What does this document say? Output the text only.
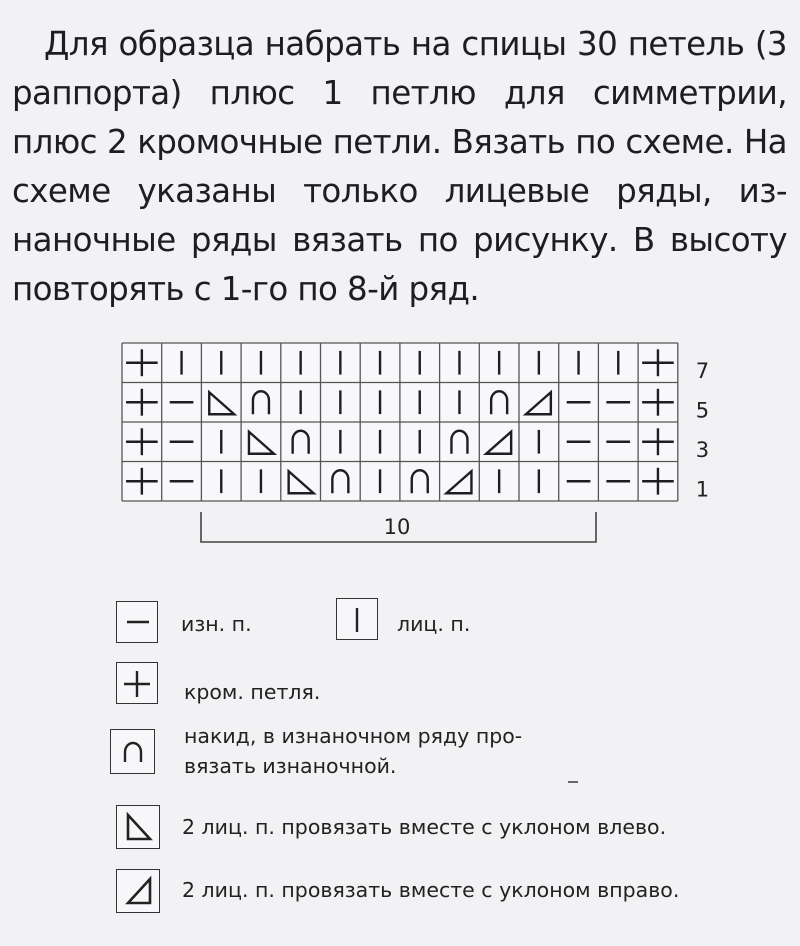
Для образца набрать на спицы 30 петель (3 раппорта) плюс 1 петлю для симметрии, плюс 2 кромочные петли. Вязать по схеме. На схеме указаны только лицевые ряды, из-наночные ряды вязать по рисунку. В высоту повторять с 1-го по 8-й ряд.

7
5
3
1
10
изн. п.	лиц. п.
кром. петля.
накид, в изнаночном ряду про-
вязать изнаночной.
2 лиц. п. провязать вместе с уклоном влево.
2 лиц. п. провязать вместе с уклоном вправо.
